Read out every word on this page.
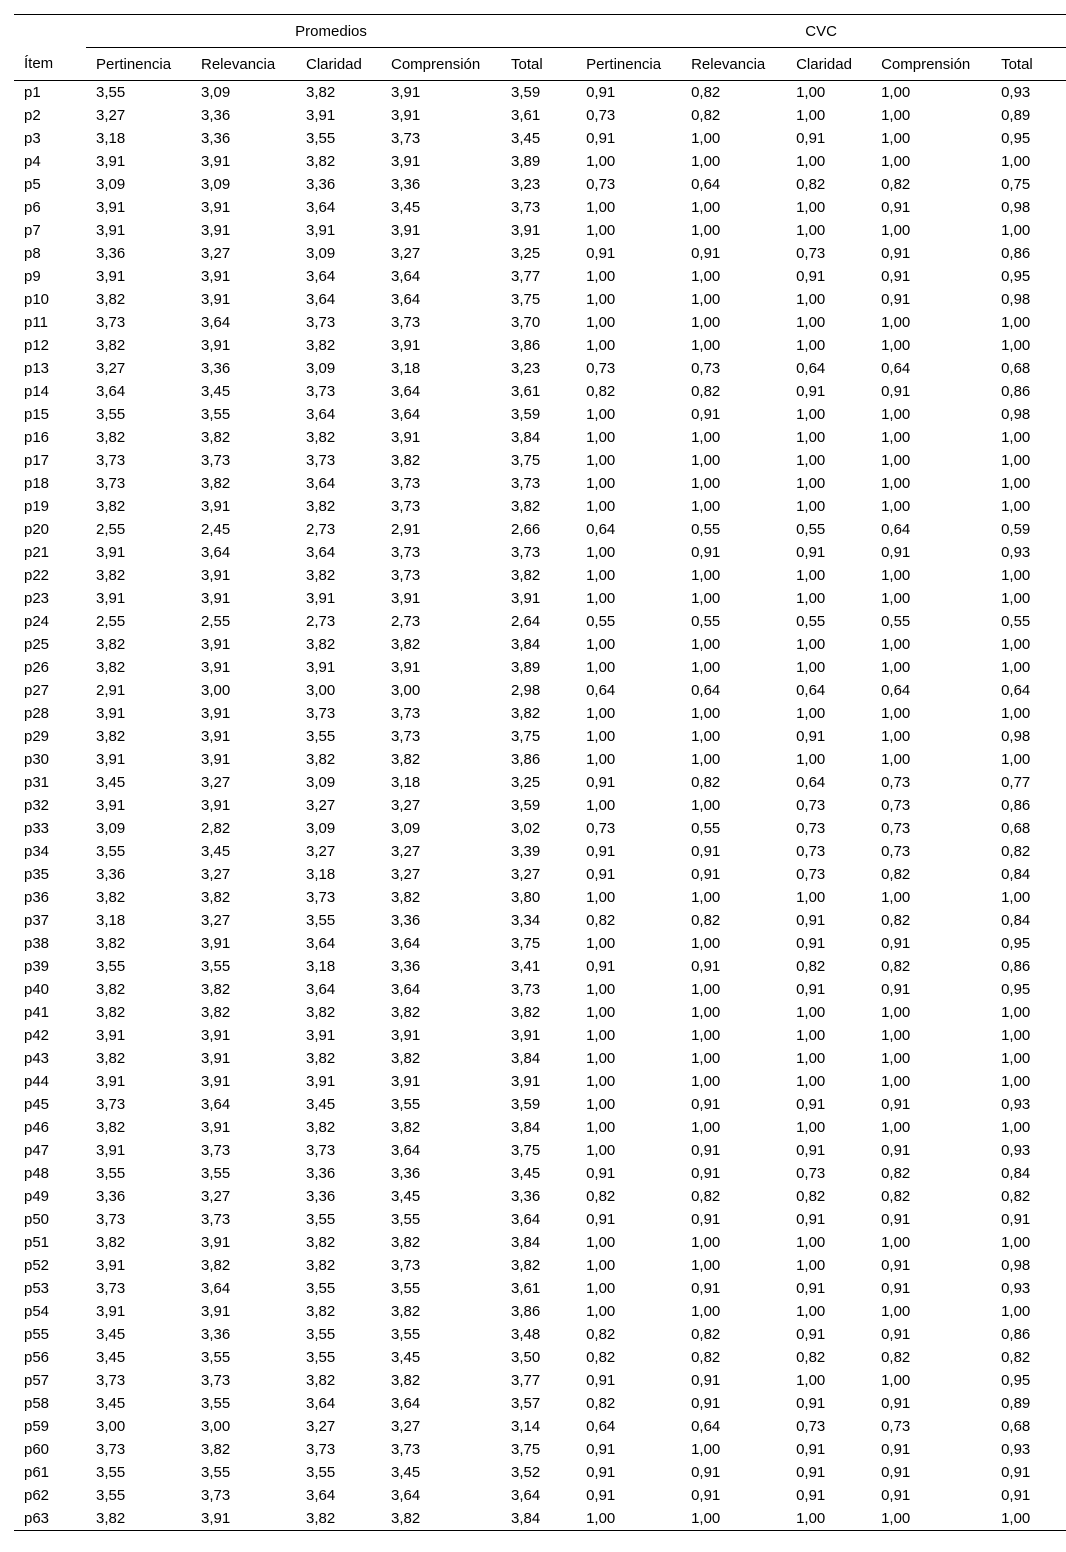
	Promedios					CVC				
Ítem	Pertinencia	Relevancia	Claridad	Comprensión	Total	Pertinencia	Relevancia	Claridad	Comprensión	Total
p1	3,55	3,09	3,82	3,91	3,59	0,91	0,82	1,00	1,00	0,93
p2	3,27	3,36	3,91	3,91	3,61	0,73	0,82	1,00	1,00	0,89
p3	3,18	3,36	3,55	3,73	3,45	0,91	1,00	0,91	1,00	0,95
p4	3,91	3,91	3,82	3,91	3,89	1,00	1,00	1,00	1,00	1,00
p5	3,09	3,09	3,36	3,36	3,23	0,73	0,64	0,82	0,82	0,75
p6	3,91	3,91	3,64	3,45	3,73	1,00	1,00	1,00	0,91	0,98
p7	3,91	3,91	3,91	3,91	3,91	1,00	1,00	1,00	1,00	1,00
p8	3,36	3,27	3,09	3,27	3,25	0,91	0,91	0,73	0,91	0,86
p9	3,91	3,91	3,64	3,64	3,77	1,00	1,00	0,91	0,91	0,95
p10	3,82	3,91	3,64	3,64	3,75	1,00	1,00	1,00	0,91	0,98
p11	3,73	3,64	3,73	3,73	3,70	1,00	1,00	1,00	1,00	1,00
p12	3,82	3,91	3,82	3,91	3,86	1,00	1,00	1,00	1,00	1,00
p13	3,27	3,36	3,09	3,18	3,23	0,73	0,73	0,64	0,64	0,68
p14	3,64	3,45	3,73	3,64	3,61	0,82	0,82	0,91	0,91	0,86
p15	3,55	3,55	3,64	3,64	3,59	1,00	0,91	1,00	1,00	0,98
p16	3,82	3,82	3,82	3,91	3,84	1,00	1,00	1,00	1,00	1,00
p17	3,73	3,73	3,73	3,82	3,75	1,00	1,00	1,00	1,00	1,00
p18	3,73	3,82	3,64	3,73	3,73	1,00	1,00	1,00	1,00	1,00
p19	3,82	3,91	3,82	3,73	3,82	1,00	1,00	1,00	1,00	1,00
p20	2,55	2,45	2,73	2,91	2,66	0,64	0,55	0,55	0,64	0,59
p21	3,91	3,64	3,64	3,73	3,73	1,00	0,91	0,91	0,91	0,93
p22	3,82	3,91	3,82	3,73	3,82	1,00	1,00	1,00	1,00	1,00
p23	3,91	3,91	3,91	3,91	3,91	1,00	1,00	1,00	1,00	1,00
p24	2,55	2,55	2,73	2,73	2,64	0,55	0,55	0,55	0,55	0,55
p25	3,82	3,91	3,82	3,82	3,84	1,00	1,00	1,00	1,00	1,00
p26	3,82	3,91	3,91	3,91	3,89	1,00	1,00	1,00	1,00	1,00
p27	2,91	3,00	3,00	3,00	2,98	0,64	0,64	0,64	0,64	0,64
p28	3,91	3,91	3,73	3,73	3,82	1,00	1,00	1,00	1,00	1,00
p29	3,82	3,91	3,55	3,73	3,75	1,00	1,00	0,91	1,00	0,98
p30	3,91	3,91	3,82	3,82	3,86	1,00	1,00	1,00	1,00	1,00
p31	3,45	3,27	3,09	3,18	3,25	0,91	0,82	0,64	0,73	0,77
p32	3,91	3,91	3,27	3,27	3,59	1,00	1,00	0,73	0,73	0,86
p33	3,09	2,82	3,09	3,09	3,02	0,73	0,55	0,73	0,73	0,68
p34	3,55	3,45	3,27	3,27	3,39	0,91	0,91	0,73	0,73	0,82
p35	3,36	3,27	3,18	3,27	3,27	0,91	0,91	0,73	0,82	0,84
p36	3,82	3,82	3,73	3,82	3,80	1,00	1,00	1,00	1,00	1,00
p37	3,18	3,27	3,55	3,36	3,34	0,82	0,82	0,91	0,82	0,84
p38	3,82	3,91	3,64	3,64	3,75	1,00	1,00	0,91	0,91	0,95
p39	3,55	3,55	3,18	3,36	3,41	0,91	0,91	0,82	0,82	0,86
p40	3,82	3,82	3,64	3,64	3,73	1,00	1,00	0,91	0,91	0,95
p41	3,82	3,82	3,82	3,82	3,82	1,00	1,00	1,00	1,00	1,00
p42	3,91	3,91	3,91	3,91	3,91	1,00	1,00	1,00	1,00	1,00
p43	3,82	3,91	3,82	3,82	3,84	1,00	1,00	1,00	1,00	1,00
p44	3,91	3,91	3,91	3,91	3,91	1,00	1,00	1,00	1,00	1,00
p45	3,73	3,64	3,45	3,55	3,59	1,00	0,91	0,91	0,91	0,93
p46	3,82	3,91	3,82	3,82	3,84	1,00	1,00	1,00	1,00	1,00
p47	3,91	3,73	3,73	3,64	3,75	1,00	0,91	0,91	0,91	0,93
p48	3,55	3,55	3,36	3,36	3,45	0,91	0,91	0,73	0,82	0,84
p49	3,36	3,27	3,36	3,45	3,36	0,82	0,82	0,82	0,82	0,82
p50	3,73	3,73	3,55	3,55	3,64	0,91	0,91	0,91	0,91	0,91
p51	3,82	3,91	3,82	3,82	3,84	1,00	1,00	1,00	1,00	1,00
p52	3,91	3,82	3,82	3,73	3,82	1,00	1,00	1,00	0,91	0,98
p53	3,73	3,64	3,55	3,55	3,61	1,00	0,91	0,91	0,91	0,93
p54	3,91	3,91	3,82	3,82	3,86	1,00	1,00	1,00	1,00	1,00
p55	3,45	3,36	3,55	3,55	3,48	0,82	0,82	0,91	0,91	0,86
p56	3,45	3,55	3,55	3,45	3,50	0,82	0,82	0,82	0,82	0,82
p57	3,73	3,73	3,82	3,82	3,77	0,91	0,91	1,00	1,00	0,95
p58	3,45	3,55	3,64	3,64	3,57	0,82	0,91	0,91	0,91	0,89
p59	3,00	3,00	3,27	3,27	3,14	0,64	0,64	0,73	0,73	0,68
p60	3,73	3,82	3,73	3,73	3,75	0,91	1,00	0,91	0,91	0,93
p61	3,55	3,55	3,55	3,45	3,52	0,91	0,91	0,91	0,91	0,91
p62	3,55	3,73	3,64	3,64	3,64	0,91	0,91	0,91	0,91	0,91
p63	3,82	3,91	3,82	3,82	3,84	1,00	1,00	1,00	1,00	1,00
